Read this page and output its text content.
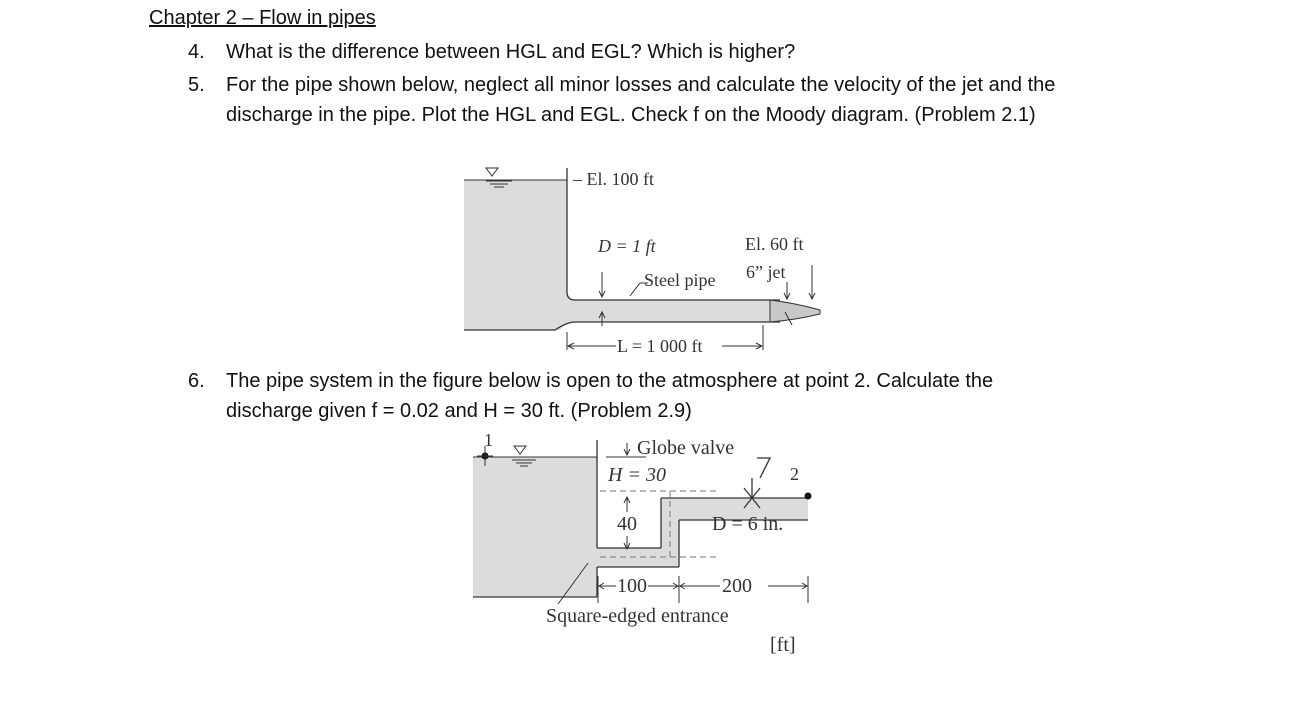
Chapter 2 – Flow in pipes
4.	What is the difference between HGL and EGL? Which is higher?
5.	For the pipe shown below, neglect all minor losses and calculate the velocity of the jet and the
discharge in the pipe. Plot the HGL and EGL. Check f on the Moody diagram. (Problem 2.1)
6.	The pipe system in the figure below is open to the atmosphere at point 2. Calculate the
discharge given f = 0.02 and H = 30 ft. (Problem 2.9)
– El. 100 ft
D = 1 ft	El. 60 ft
Steel pipe 6” jet
L = 1 000 ft
1
2
Globe valve
H = 30
40	D = 6 in.
100	200
Square-edged entrance
[ft]
